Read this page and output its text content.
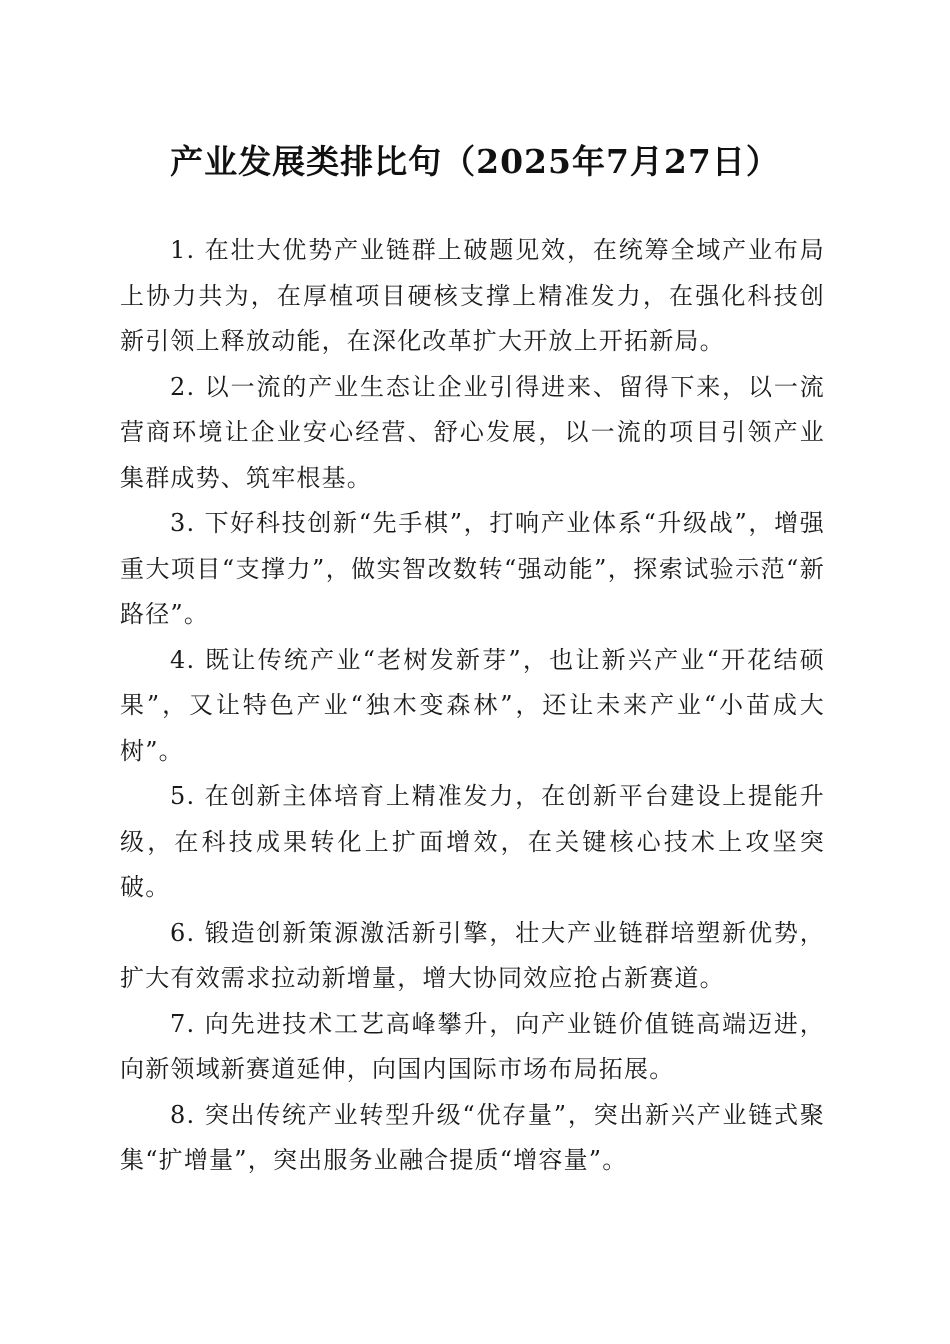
产业发展类排比句（2025年7月27日）

1. 在壮大优势产业链群上破题见效，在统筹全域产业布局上协力共为，在厚植项目硬核支撑上精准发力，在强化科技创新引领上释放动能，在深化改革扩大开放上开拓新局。

2. 以一流的产业生态让企业引得进来、留得下来，以一流营商环境让企业安心经营、舒心发展，以一流的项目引领产业集群成势、筑牢根基。

3. 下好科技创新“先手棋”，打响产业体系“升级战”，增强重大项目“支撑力”，做实智改数转“强动能”，探索试验示范“新路径”。

4. 既让传统产业“老树发新芽”，也让新兴产业“开花结硕果”，又让特色产业“独木变森林”，还让未来产业“小苗成大树”。

5. 在创新主体培育上精准发力，在创新平台建设上提能升级，在科技成果转化上扩面增效，在关键核心技术上攻坚突破。

6. 锻造创新策源激活新引擎，壮大产业链群培塑新优势，扩大有效需求拉动新增量，增大协同效应抢占新赛道。

7. 向先进技术工艺高峰攀升，向产业链价值链高端迈进，向新领域新赛道延伸，向国内国际市场布局拓展。

8. 突出传统产业转型升级“优存量”，突出新兴产业链式聚集“扩增量”，突出服务业融合提质“增容量”。
